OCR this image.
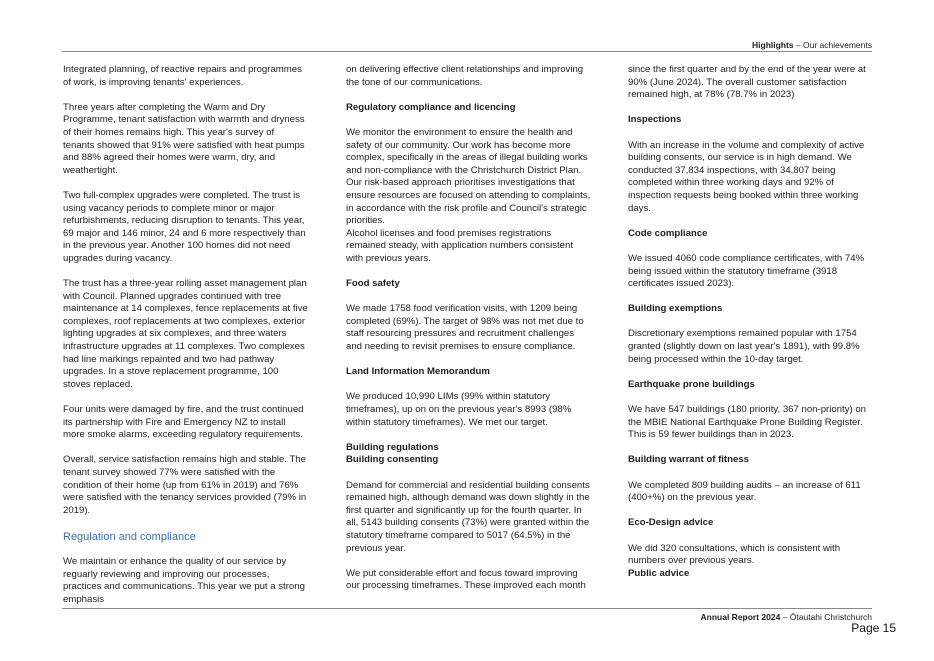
Highlights – Our achievements

Integrated planning, of reactive repairs and programmes of work, is improving tenants' experiences.

Three years after completing the Warm and Dry Programme, tenant satisfaction with warmth and dryness of their homes remains high. This year's survey of tenants showed that 91% were satisfied with heat pumps and 88% agreed their homes were warm, dry, and weathertight.

Two full-complex upgrades were completed. The trust is using vacancy periods to complete minor or major refurbishments, reducing disruption to tenants. This year, 69 major and 146 minor, 24 and 6 more respectively than in the previous year. Another 100 homes did not need upgrades during vacancy.

The trust has a three-year rolling asset management plan with Council. Planned upgrades continued with tree maintenance at 14 complexes, fence replacements at five complexes, roof replacements at two complexes, exterior lighting upgrades at six complexes, and three waters infrastructure upgrades at 11 complexes. Two complexes had line markings repainted and two had pathway upgrades. In a stove replacement programme, 100 stoves replaced.

Four units were damaged by fire, and the trust continued its partnership with Fire and Emergency NZ to install more smoke alarms, exceeding regulatory requirements.

Overall, service satisfaction remains high and stable. The tenant survey showed 77% were satisfied with the condition of their home (up from 61% in 2019) and 76% were satisfied with the tenancy services provided (79% in 2019).

Regulation and compliance

We maintain or enhance the quality of our service by reguarly reviewing and improving our processes, practices and communications. This year we put a strong emphasis

on delivering effective client relationships and improving the tone of our communications.

Regulatory compliance and licencing

We monitor the environment to ensure the health and safety of our community. Our work has become more complex, specifically in the areas of illegal building works and non-compliance with the Christchurch District Plan. Our risk-based approach prioritises investigations that ensure resources are focused on attending to complaints, in accordance with the risk profile and Council's strategic priorities.

Alcohol licenses and food premises registrations remained steady, with application numbers consistent with previous years.

Food safety

We made 1758 food verification visits, with 1209 being completed (69%). The target of 98% was not met due to staff resourcing pressures and recruitment challenges and needing to revisit premises to ensure compliance.

Land Information Memorandum

We produced 10,990 LIMs (99% within statutory timeframes), up on on the previous year's 8993 (98% within statutory timeframes). We met our target.

Building regulations

Building consenting

Demand for commercial and residential building consents remained high, although demand was down slightly in the first quarter and significantly up for the fourth quarter. In all, 5143 building consents (73%) were granted within the statutory timeframe compared to 5017 (64.5%) in the previous year.

We put considerable effort and focus toward improving our processing timeframes. These improved each month

since the first quarter and by the end of the year were at 90% (June 2024). The overall customer satisfaction remained high, at 78% (78.7% in 2023)

Inspections

With an increase in the volume and complexity of active building consents, our service is in high demand. We conducted 37,834 inspections, with 34,807 being completed within three working days and 92% of inspection requests being booked within three working days.

Code compliance

We issued 4060 code compliance certificates, with 74% being issued within the statutory timeframe (3918 certificates issued 2023).

Building exemptions

Discretionary exemptions remained popular with 1754 granted (slightly down on last year's 1891), with 99.8% being processed within the 10-day target.

Earthquake prone buildings

We have 547 buildings (180 priority, 367 non-priority) on the MBIE National Earthquake Prone Building Register. This is 59 fewer buildings than in 2023.

Building warrant of fitness

We completed 809 building audits – an increase of 611 (400+%) on the previous year.

Eco-Design advice

We did 320 consultations, which is consistent with numbers over previous years.

Public advice

Annual Report 2024 – Ōtautahi Christchurch
Page 15
